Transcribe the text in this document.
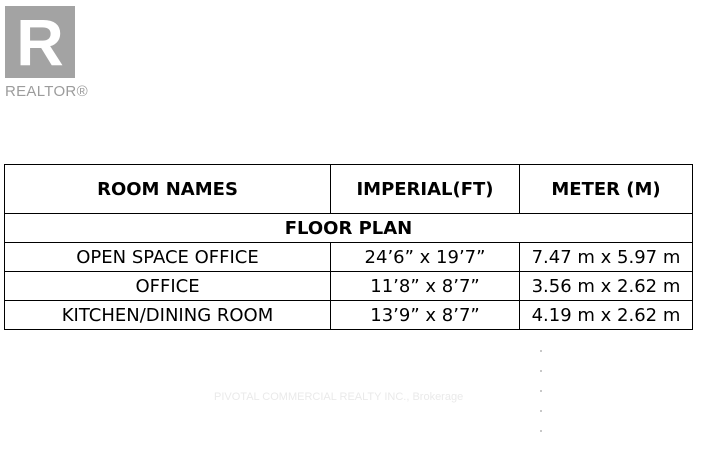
R
REALTOR®
ROOM NAMES	IMPERIAL(FT)	METER (M)
FLOOR PLAN		
OPEN SPACE OFFICE	24’6” x 19’7”	7.47 m x 5.97 m
OFFICE	11’8” x 8’7”	3.56 m x 2.62 m
KITCHEN/DINING ROOM	13’9” x 8’7”	4.19 m x 2.62 m
PIVOTAL COMMERCIAL REALTY INC., Brokerage
